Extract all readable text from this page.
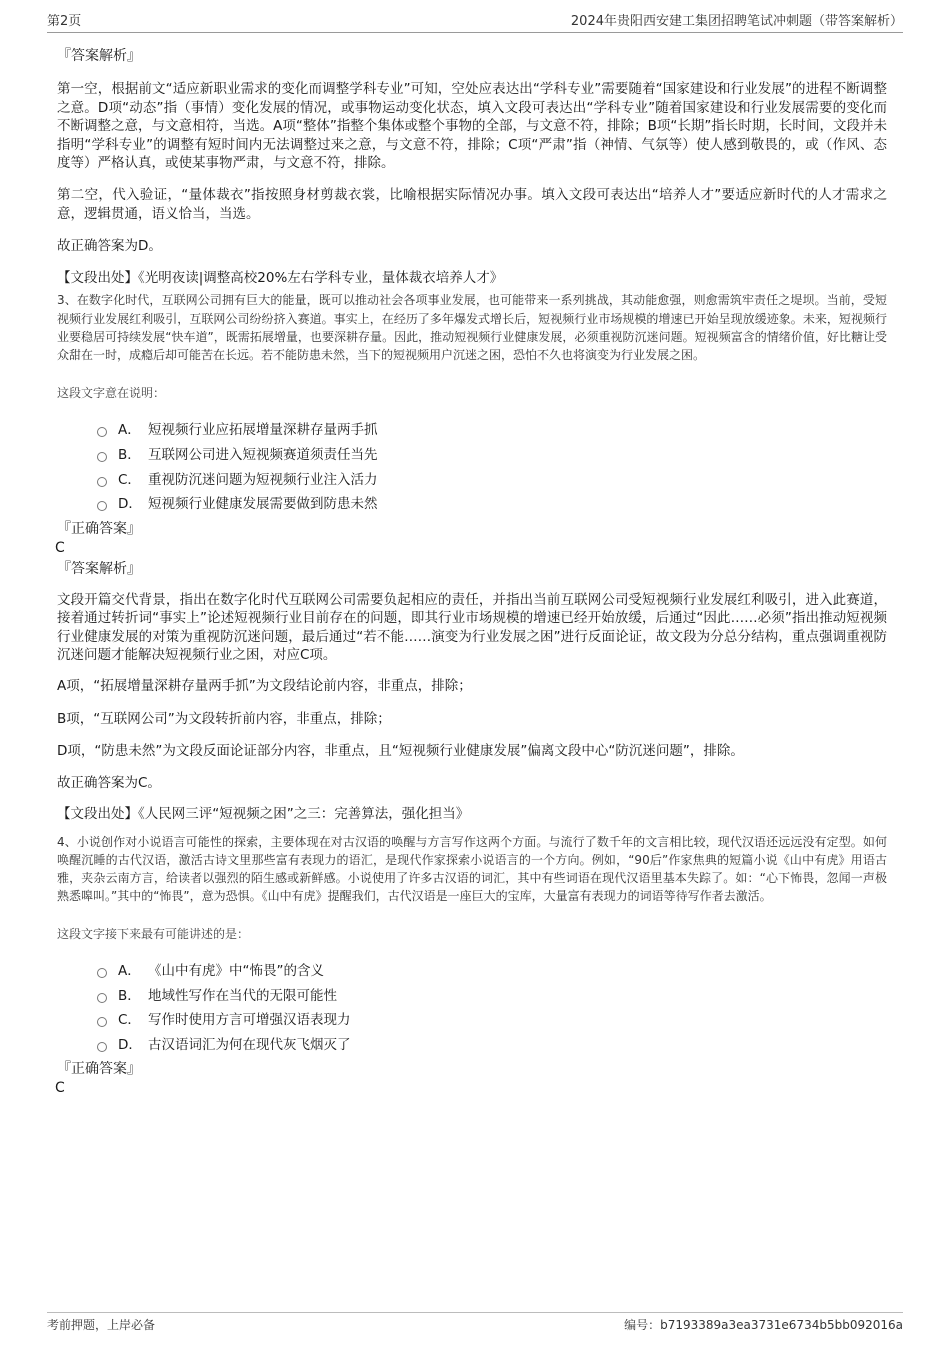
第2页	2024年贵阳西安建工集团招聘笔试冲刺题（带答案解析）
『答案解析』
第一空，根据前文“适应新职业需求的变化而调整学科专业”可知，空处应表达出“学科专业”需要随着“国家建设和行业发展”的进程不断调整之意。D项“动态”指（事情）变化发展的情况，或事物运动变化状态，填入文段可表达出“学科专业”随着国家建设和行业发展需要的变化而不断调整之意，与文意相符，当选。A项“整体”指整个集体或整个事物的全部，与文意不符，排除；B项“长期”指长时期，长时间，文段并未指明“学科专业”的调整有短时间内无法调整过来之意，与文意不符，排除；C项“严肃”指（神情、气氛等）使人感到敬畏的，或（作风、态度等）严格认真，或使某事物严肃，与文意不符，排除。
第二空，代入验证，“量体裁衣”指按照身材剪裁衣裳，比喻根据实际情况办事。填入文段可表达出“培养人才”要适应新时代的人才需求之意，逻辑贯通，语义恰当，当选。
故正确答案为D。
【文段出处】《光明夜读|调整高校20%左右学科专业，量体裁衣培养人才》
3、在数字化时代，互联网公司拥有巨大的能量，既可以推动社会各项事业发展，也可能带来一系列挑战，其动能愈强，则愈需筑牢责任之堤坝。当前，受短视频行业发展红利吸引，互联网公司纷纷挤入赛道。事实上，在经历了多年爆发式增长后，短视频行业市场规模的增速已开始呈现放缓迹象。未来，短视频行业要稳居可持续发展“快车道”，既需拓展增量，也要深耕存量。因此，推动短视频行业健康发展，必须重视防沉迷问题。短视频富含的情绪价值，好比糖让受众甜在一时，成瘾后却可能苦在长远。若不能防患未然，当下的短视频用户沉迷之困，恐怕不久也将演变为行业发展之困。
这段文字意在说明：
A． 短视频行业应拓展增量深耕存量两手抓
B． 互联网公司进入短视频赛道须责任当先
C． 重视防沉迷问题为短视频行业注入活力
D． 短视频行业健康发展需要做到防患未然
『正确答案』
C
『答案解析』
文段开篇交代背景，指出在数字化时代互联网公司需要负起相应的责任，并指出当前互联网公司受短视频行业发展红利吸引，进入此赛道，接着通过转折词“事实上”论述短视频行业目前存在的问题，即其行业市场规模的增速已经开始放缓，后通过“因此……必须”指出推动短视频行业健康发展的对策为重视防沉迷问题，最后通过“若不能……演变为行业发展之困”进行反面论证，故文段为分总分结构，重点强调重视防沉迷问题才能解决短视频行业之困，对应C项。
A项，“拓展增量深耕存量两手抓”为文段结论前内容，非重点，排除；
B项，“互联网公司”为文段转折前内容，非重点，排除；
D项，“防患未然”为文段反面论证部分内容，非重点，且“短视频行业健康发展”偏离文段中心“防沉迷问题”，排除。
故正确答案为C。
【文段出处】《人民网三评“短视频之困”之三：完善算法，强化担当》
4、小说创作对小说语言可能性的探索，主要体现在对古汉语的唤醒与方言写作这两个方面。与流行了数千年的文言相比较，现代汉语还远远没有定型。如何唤醒沉睡的古代汉语，激活古诗文里那些富有表现力的语汇，是现代作家探索小说语言的一个方向。例如，“90后”作家焦典的短篇小说《山中有虎》用语古雅，夹杂云南方言，给读者以强烈的陌生感或新鲜感。小说使用了许多古汉语的词汇，其中有些词语在现代汉语里基本失踪了。如：“心下怖畏，忽闻一声极熟悉嗥叫。”其中的“怖畏”，意为恐惧。《山中有虎》提醒我们，古代汉语是一座巨大的宝库，大量富有表现力的词语等待写作者去激活。
这段文字接下来最有可能讲述的是：
A． 《山中有虎》中“怖畏”的含义
B． 地域性写作在当代的无限可能性
C． 写作时使用方言可增强汉语表现力
D． 古汉语词汇为何在现代灰飞烟灭了
『正确答案』
C
考前押题，上岸必备	编号：b7193389a3ea3731e6734b5bb092016a
